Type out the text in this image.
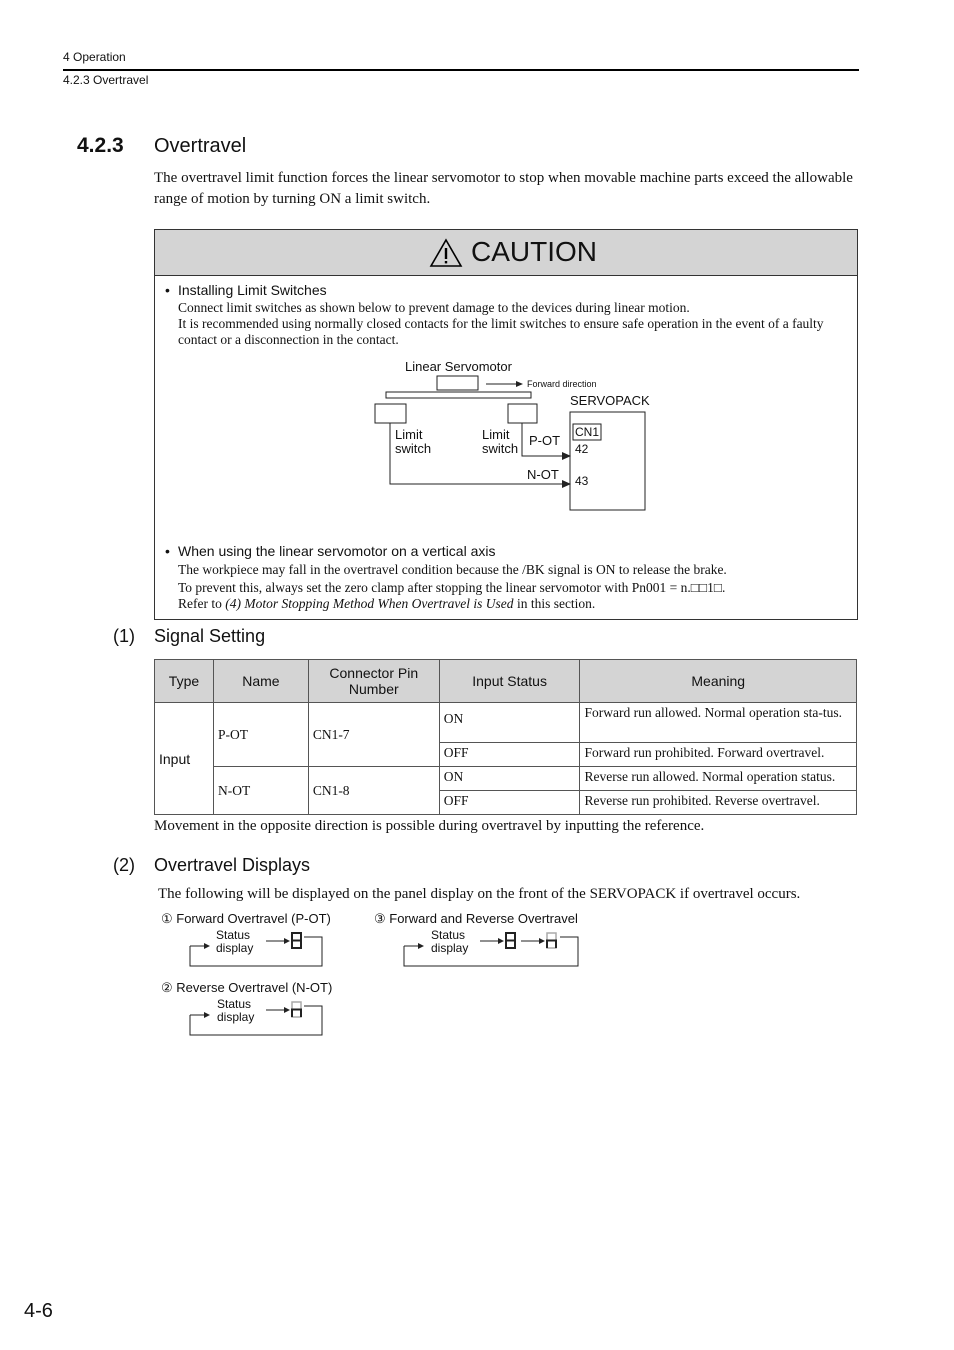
4 Operation
4.2.3 Overtravel
4.2.3 Overtravel
The overtravel limit function forces the linear servomotor to stop when movable machine parts exceed the allowable range of motion by turning ON a limit switch.
CAUTION
• Installing Limit Switches
Connect limit switches as shown below to prevent damage to the devices during linear motion.
It is recommended using normally closed contacts for the limit switches to ensure safe operation in the event of a faulty contact or a disconnection in the contact.
• When using the linear servomotor on a vertical axis
The workpiece may fall in the overtravel condition because the /BK signal is ON to release the brake.
To prevent this, always set the zero clamp after stopping the linear servomotor with Pn001 = n.□□1□.
Refer to (4) Motor Stopping Method When Overtravel is Used in this section.
Linear Servomotor
Forward direction
SERVOPACK
Limit
switch
Limit
switch
P-OT
N-OT
CN1
42
43
(1) Signal Setting
Type	Name	Connector Pin Number	Input Status	Meaning
Input	P-OT	CN1-7	ON	Forward run allowed. Normal operation sta-tus.
			OFF	Forward run prohibited. Forward overtravel.
	N-OT	CN1-8	ON	Reverse run allowed. Normal operation status.
			OFF	Reverse run prohibited. Reverse overtravel.
Movement in the opposite direction is possible during overtravel by inputting the reference.
(2) Overtravel Displays
The following will be displayed on the panel display on the front of the SERVOPACK if overtravel occurs.
① Forward Overtravel (P-OT)	③ Forward and Reverse Overtravel
② Reverse Overtravel (N-OT)
Status
display
Status
display
Status
display
4-6
